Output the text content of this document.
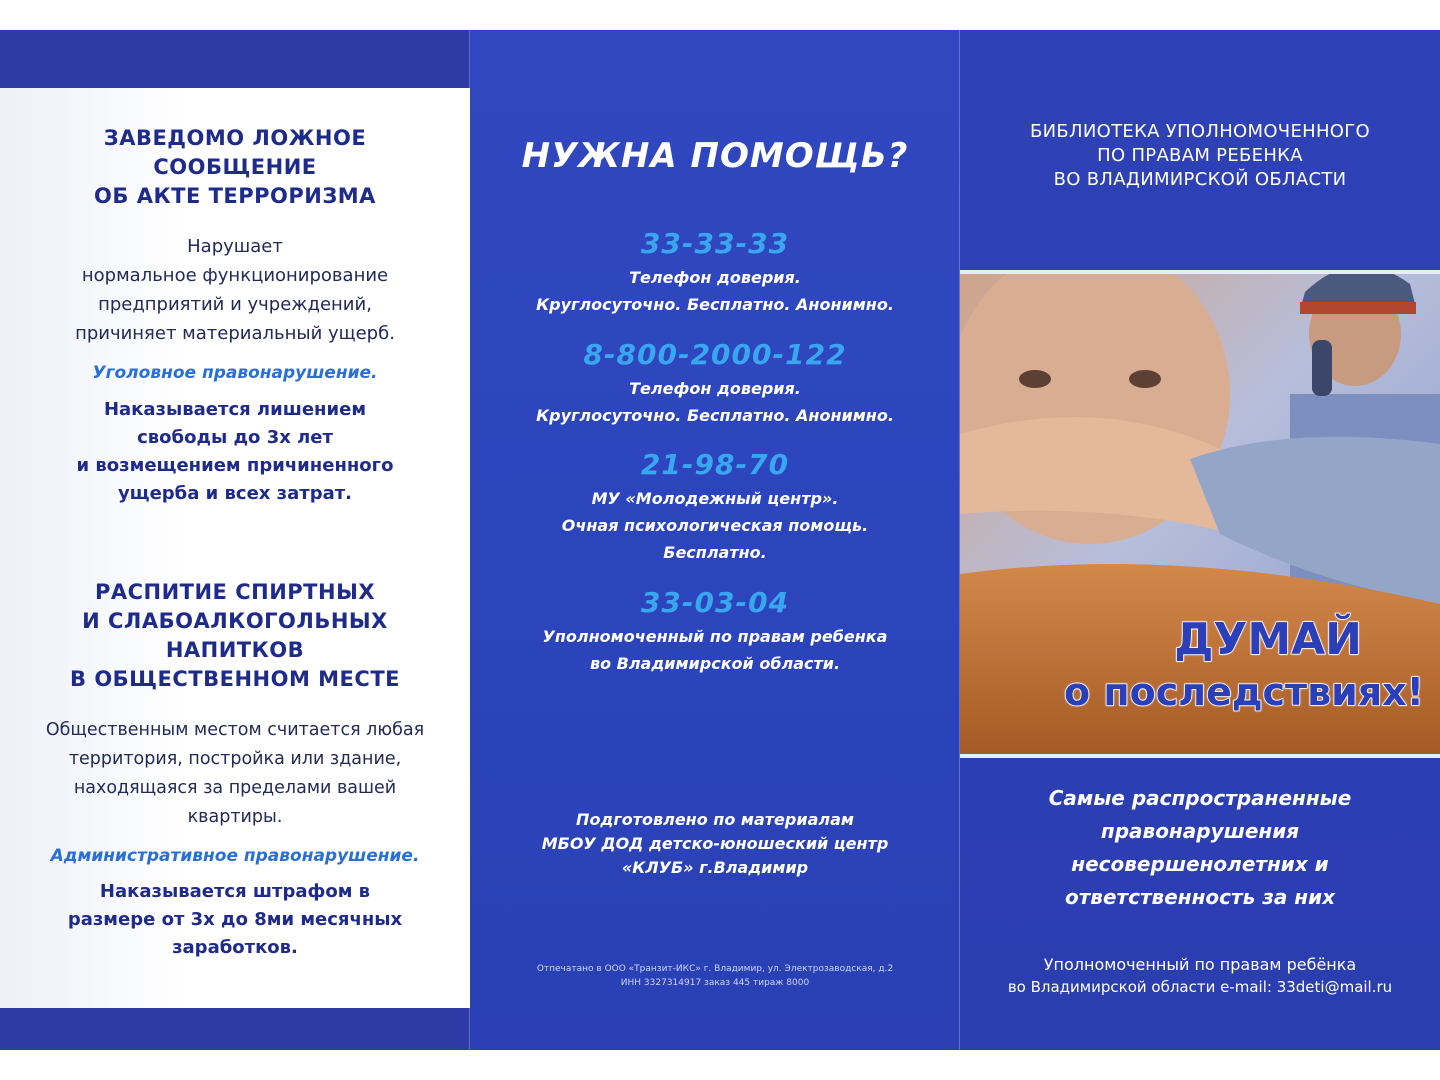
ЗАВЕДОМО ЛОЖНОЕ
СООБЩЕНИЕ
ОБ АКТЕ ТЕРРОРИЗМА
Нарушает
нормальное функционирование
предприятий и учреждений,
причиняет материальный ущерб.
Уголовное правонарушение.
Наказывается лишением
свободы до 3х лет
и возмещением причиненного
ущерба и всех затрат.
РАСПИТИЕ СПИРТНЫХ
И СЛАБОАЛКОГОЛЬНЫХ
НАПИТКОВ
В ОБЩЕСТВЕННОМ МЕСТЕ
Общественным местом считается любая
территория, постройка или здание,
находящаяся за пределами вашей
квартиры.
Административное правонарушение.
Наказывается штрафом в
размере от 3х до 8ми месячных
заработков.
НУЖНА ПОМОЩЬ?
33-33-33
Телефон доверия.
Круглосуточно. Бесплатно. Анонимно.
8-800-2000-122
Телефон доверия.
Круглосуточно. Бесплатно. Анонимно.
21-98-70
МУ «Молодежный центр».
Очная психологическая помощь.
Бесплатно.
33-03-04
Уполномоченный по правам ребенка
во Владимирской области.
Подготовлено по материалам
МБОУ ДОД детско-юношеский центр
«КЛУБ» г.Владимир
Отпечатано в ООО «Транзит-ИКС» г. Владимир, ул. Электрозаводская, д.2
ИНН 3327314917 заказ 445 тираж 8000
БИБЛИОТЕКА УПОЛНОМОЧЕННОГО
ПО ПРАВАМ РЕБЕНКА
ВО ВЛАДИМИРСКОЙ ОБЛАСТИ
ДУМАЙ
о последствиях!
Самые распространенные
правонарушения
несовершенолетних и
ответственность за них
Уполномоченный по правам ребёнка
во Владимирской области e-mail: 33deti@mail.ru
